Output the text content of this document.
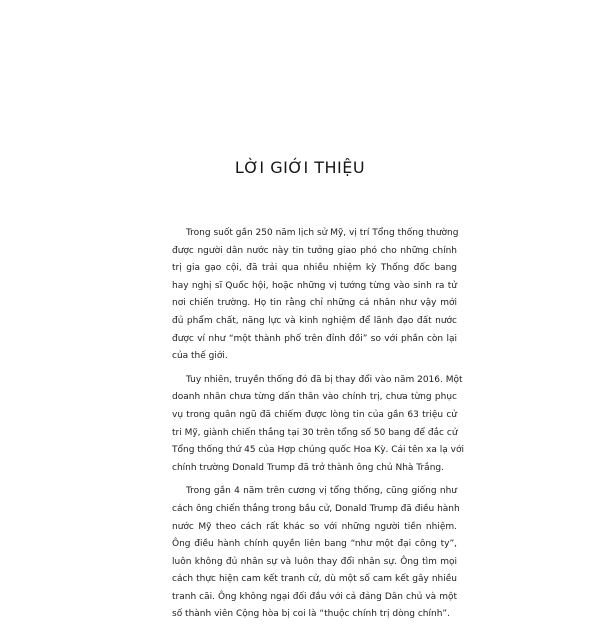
LỜI GIỚI THIỆU

Trong suốt gần 250 năm lịch sử Mỹ, vị trí Tổng thống thường
được người dân nước này tin tưởng giao phó cho những chính
trị gia gạo cội, đã trải qua nhiều nhiệm kỳ Thống đốc bang
hay nghị sĩ Quốc hội, hoặc những vị tướng từng vào sinh ra tử
nơi chiến trường. Họ tin rằng chỉ những cá nhân như vậy mới
đủ phẩm chất, năng lực và kinh nghiệm để lãnh đạo đất nước
được ví như “một thành phố trên đỉnh đồi” so với phần còn lại
của thế giới.

Tuy nhiên, truyền thống đó đã bị thay đổi vào năm 2016. Một
doanh nhân chưa từng dấn thân vào chính trị, chưa từng phục
vụ trong quân ngũ đã chiếm được lòng tin của gần 63 triệu cử
tri Mỹ, giành chiến thắng tại 30 trên tổng số 50 bang để đắc cử
Tổng thống thứ 45 của Hợp chúng quốc Hoa Kỳ. Cái tên xa lạ với
chính trường Donald Trump đã trở thành ông chủ Nhà Trắng.

Trong gần 4 năm trên cương vị tổng thống, cũng giống như
cách ông chiến thắng trong bầu cử, Donald Trump đã điều hành
nước Mỹ theo cách rất khác so với những người tiền nhiệm.
Ông điều hành chính quyền liên bang “như một đại công ty”,
luôn không đủ nhân sự và luôn thay đổi nhân sự. Ông tìm mọi
cách thực hiện cam kết tranh cử, dù một số cam kết gây nhiều
tranh cãi. Ông không ngại đối đầu với cả đảng Dân chủ và một
số thành viên Cộng hòa bị coi là “thuộc chính trị dòng chính”.
